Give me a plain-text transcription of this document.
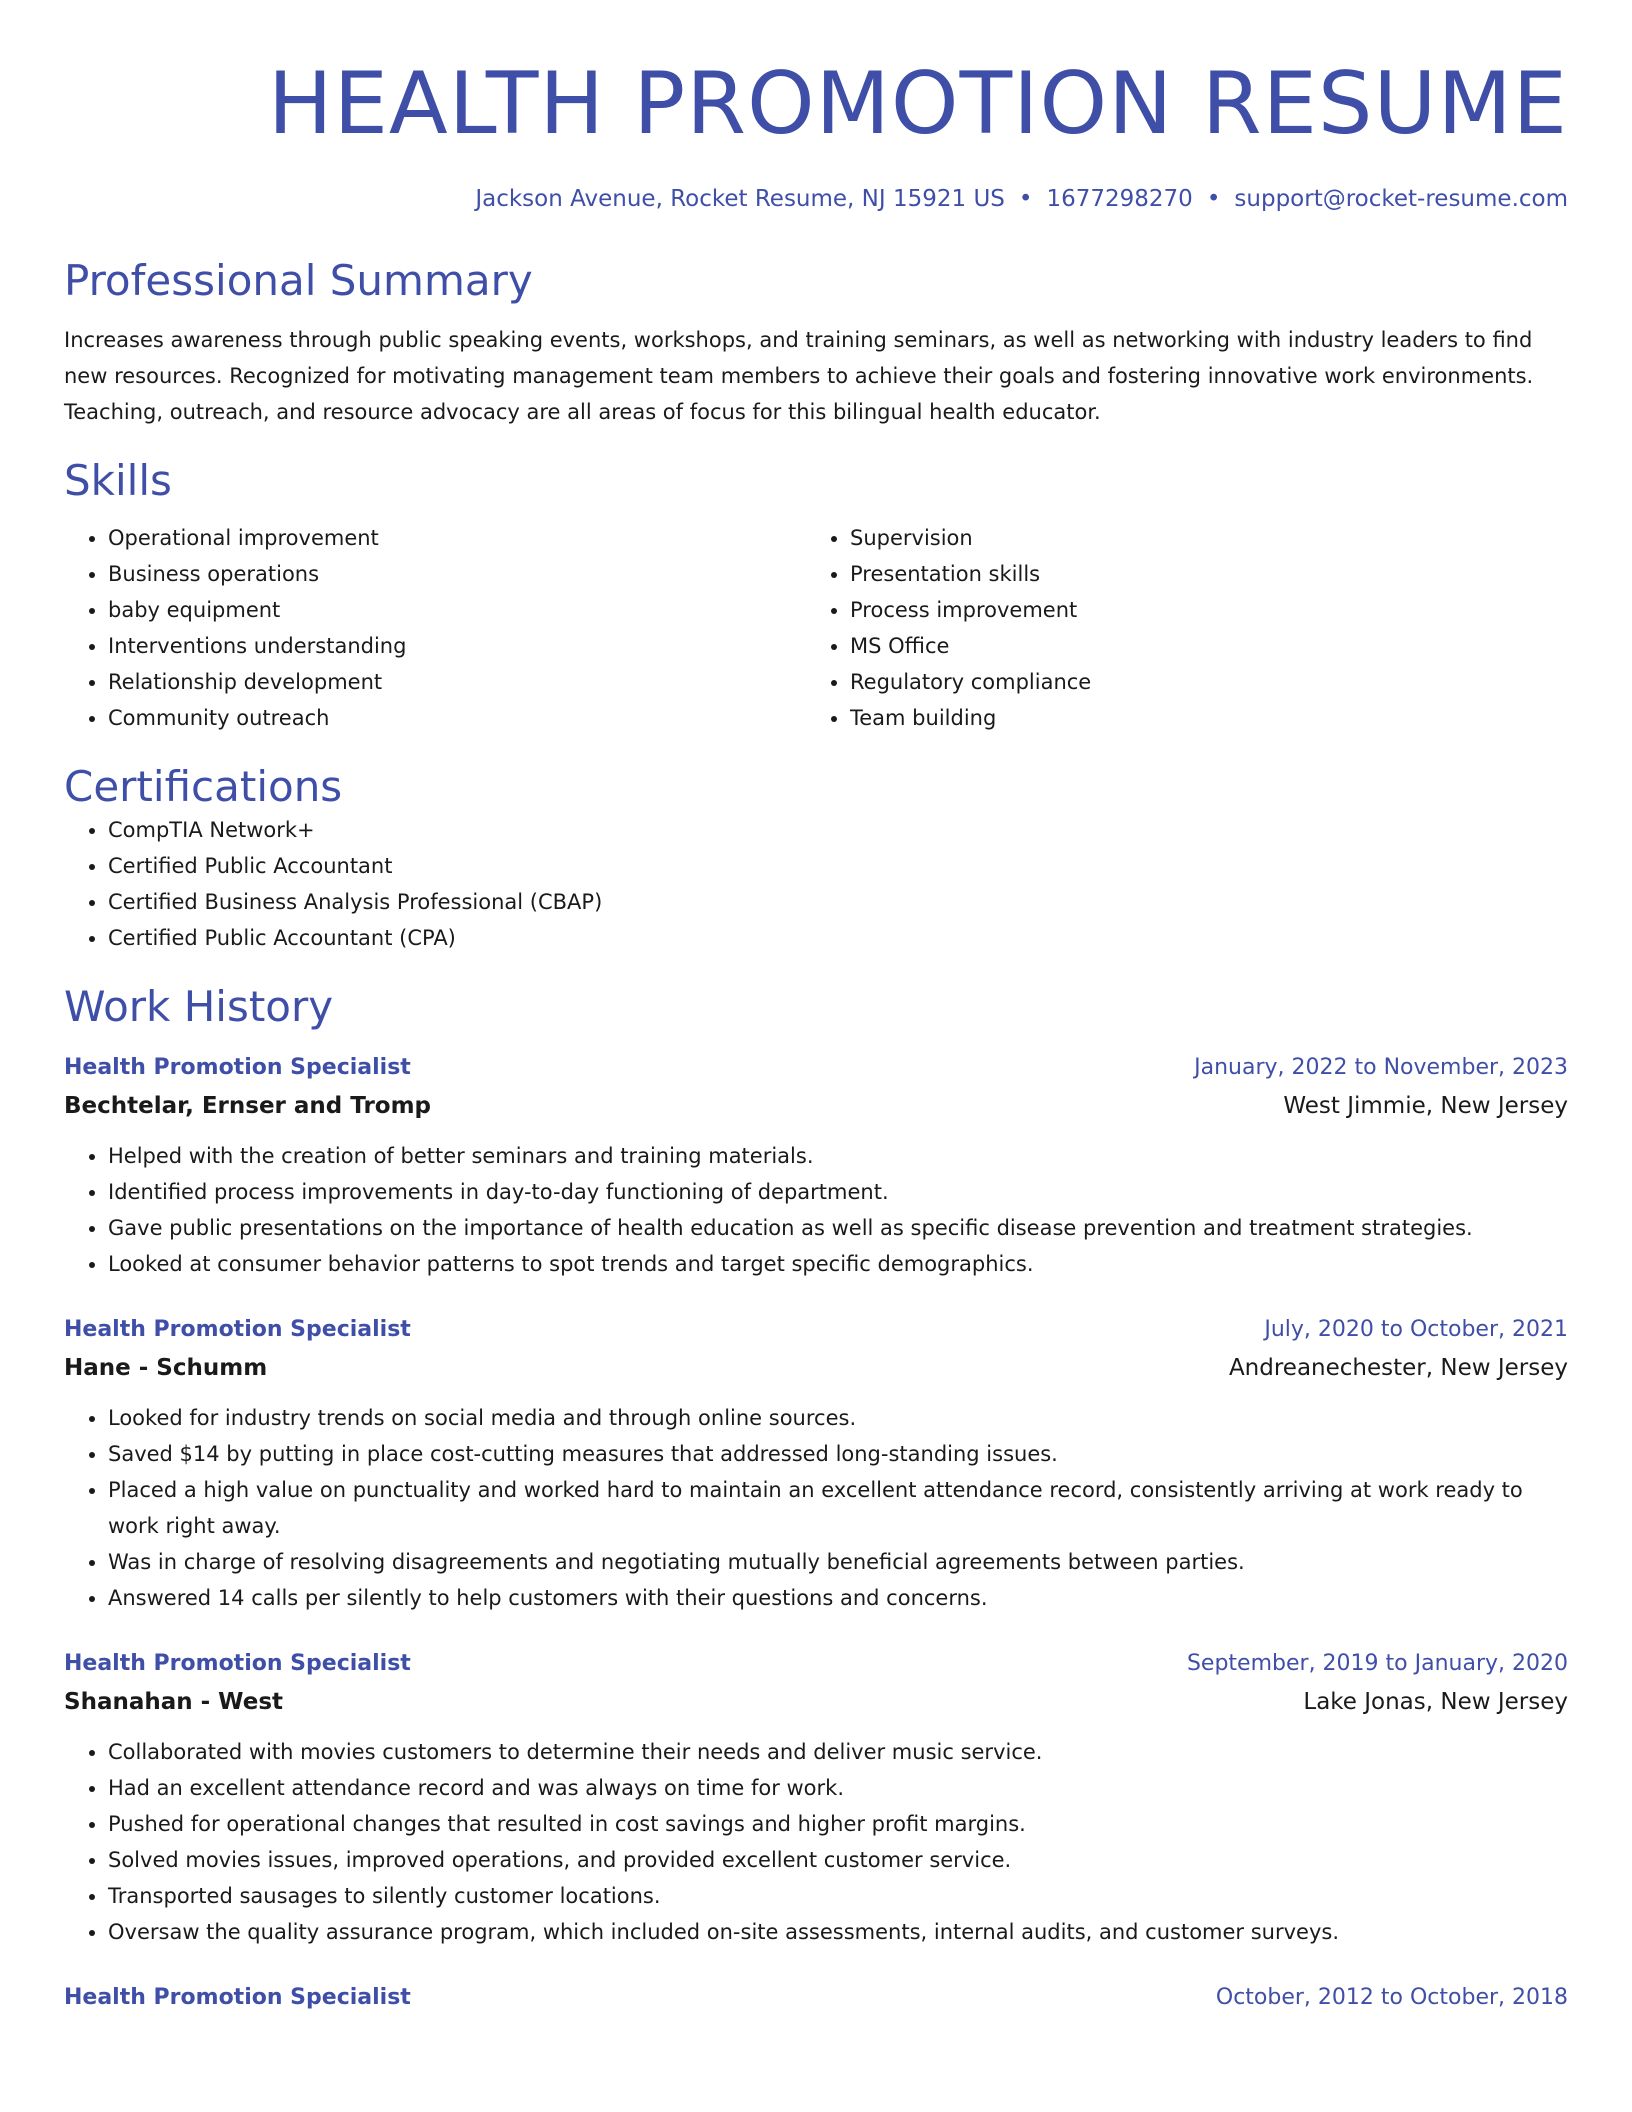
HEALTH PROMOTION RESUME
Jackson Avenue, Rocket Resume, NJ 15921 US • 1677298270 • support@rocket-resume.com
Professional Summary
Increases awareness through public speaking events, workshops, and training seminars, as well as networking with industry leaders to find new resources. Recognized for motivating management team members to achieve their goals and fostering innovative work environments. Teaching, outreach, and resource advocacy are all areas of focus for this bilingual health educator.
Skills
• Operational improvement
• Business operations
• baby equipment
• Interventions understanding
• Relationship development
• Community outreach
• Supervision
• Presentation skills
• Process improvement
• MS Office
• Regulatory compliance
• Team building
Certifications
• CompTIA Network+
• Certified Public Accountant
• Certified Business Analysis Professional (CBAP)
• Certified Public Accountant (CPA)
Work History
Health Promotion Specialist	January, 2022 to November, 2023
Bechtelar, Ernser and Tromp	West Jimmie, New Jersey
• Helped with the creation of better seminars and training materials.
• Identified process improvements in day-to-day functioning of department.
• Gave public presentations on the importance of health education as well as specific disease prevention and treatment strategies.
• Looked at consumer behavior patterns to spot trends and target specific demographics.
Health Promotion Specialist	July, 2020 to October, 2021
Hane - Schumm	Andreanechester, New Jersey
• Looked for industry trends on social media and through online sources.
• Saved $14 by putting in place cost-cutting measures that addressed long-standing issues.
• Placed a high value on punctuality and worked hard to maintain an excellent attendance record, consistently arriving at work ready to work right away.
• Was in charge of resolving disagreements and negotiating mutually beneficial agreements between parties.
• Answered 14 calls per silently to help customers with their questions and concerns.
Health Promotion Specialist	September, 2019 to January, 2020
Shanahan - West	Lake Jonas, New Jersey
• Collaborated with movies customers to determine their needs and deliver music service.
• Had an excellent attendance record and was always on time for work.
• Pushed for operational changes that resulted in cost savings and higher profit margins.
• Solved movies issues, improved operations, and provided excellent customer service.
• Transported sausages to silently customer locations.
• Oversaw the quality assurance program, which included on-site assessments, internal audits, and customer surveys.
Health Promotion Specialist	October, 2012 to October, 2018
